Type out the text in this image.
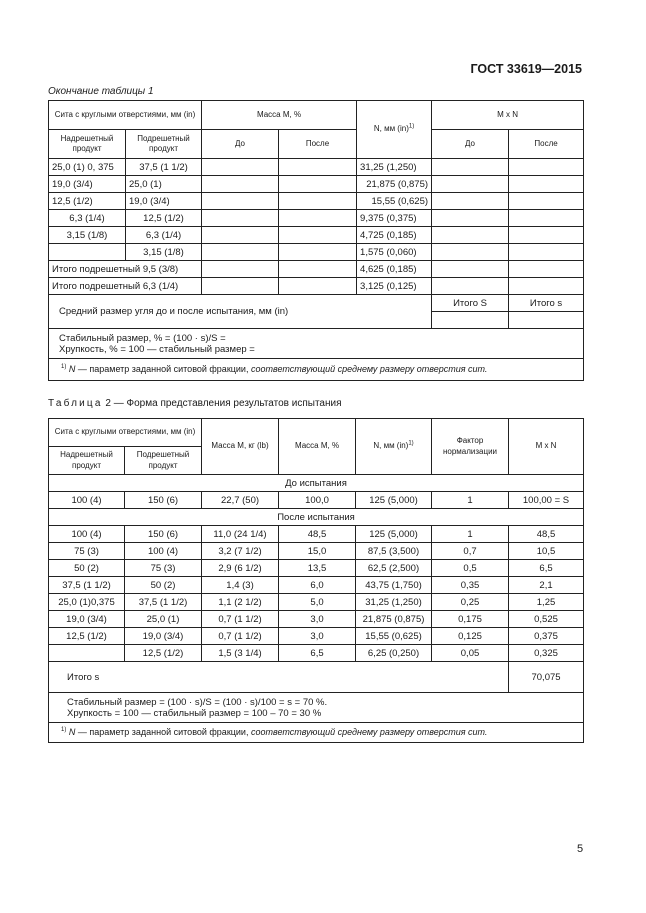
ГОСТ 33619—2015
Окончание таблицы 1
Сита с круглыми отверстиями, мм (in)		Масса M, %		N, мм (in)$^{1)}$	M x N	
Надрешетный продукт	Подрешетный продукт	До	После		До	После
25,0 (1) 0, 375	37,5 (1 1/2)			31,25 (1,250)		
19,0 (3/4)	25,0 (1)			21,875 (0,875)		
12,5 (1/2)	19,0 (3/4)			15,55 (0,625)		
6,3 (1/4)	12,5 (1/2)			9,375 (0,375)		
3,15 (1/8)	6,3 (1/4)			4,725 (0,185)		
	3,15 (1/8)			1,575 (0,060)		
Итого подрешетный 9,5 (3/8)				4,625 (0,185)		
Итого подрешетный 6,3 (1/4)				3,125 (0,125)		
Средний размер угля до и после испытания, мм (in)					Итого S	Итого s

Стабильный размер, % = (100 · s)/S =
Хрупкость, % = 100 — стабильный размер =						

$^{1)}$ N — параметр заданной ситовой фракции, соответствующий среднему размеру отверстия сит.						
Таблица 2 — Форма представления результатов испытания
Сита с круглыми отверстиями, мм (in)		Масса M, кг (lb)	Масса M, %	N, мм (in)$^{1)}$	Фактор нормализации	M x N
Надрешетный продукт	Подрешетный продукт					
До испытания						
100 (4)	150 (6)	22,7 (50)	100,0	125 (5,000)	1	100,00 = S
После испытания						
100 (4)	150 (6)	11,0 (24 1/4)	48,5	125 (5,000)	1	48,5
75 (3)	100 (4)	3,2 (7 1/2)	15,0	87,5 (3,500)	0,7	10,5
50 (2)	75 (3)	2,9 (6 1/2)	13,5	62,5 (2,500)	0,5	6,5
37,5 (1 1/2)	50 (2)	1,4 (3)	6,0	43,75 (1,750)	0,35	2,1
25,0 (1)0,375	37,5 (1 1/2)	1,1 (2 1/2)	5,0	31,25 (1,250)	0,25	1,25
19,0 (3/4)	25,0 (1)	0,7 (1 1/2)	3,0	21,875 (0,875)	0,175	0,525
12,5 (1/2)	19,0 (3/4)	0,7 (1 1/2)	3,0	15,55 (0,625)	0,125	0,375
	12,5 (1/2)	1,5 (3 1/4)	6,5	6,25 (0,250)	0,05	0,325
Итого s						70,075

Стабильный размер = (100 · s)/S = (100 · s)/100 = s = 70 %.
Хрупкость = 100 — стабильный размер = 100 – 70 = 30 %						

$^{1)}$ N — параметр заданной ситовой фракции, соответствующий среднему размеру отверстия сит.						
5
